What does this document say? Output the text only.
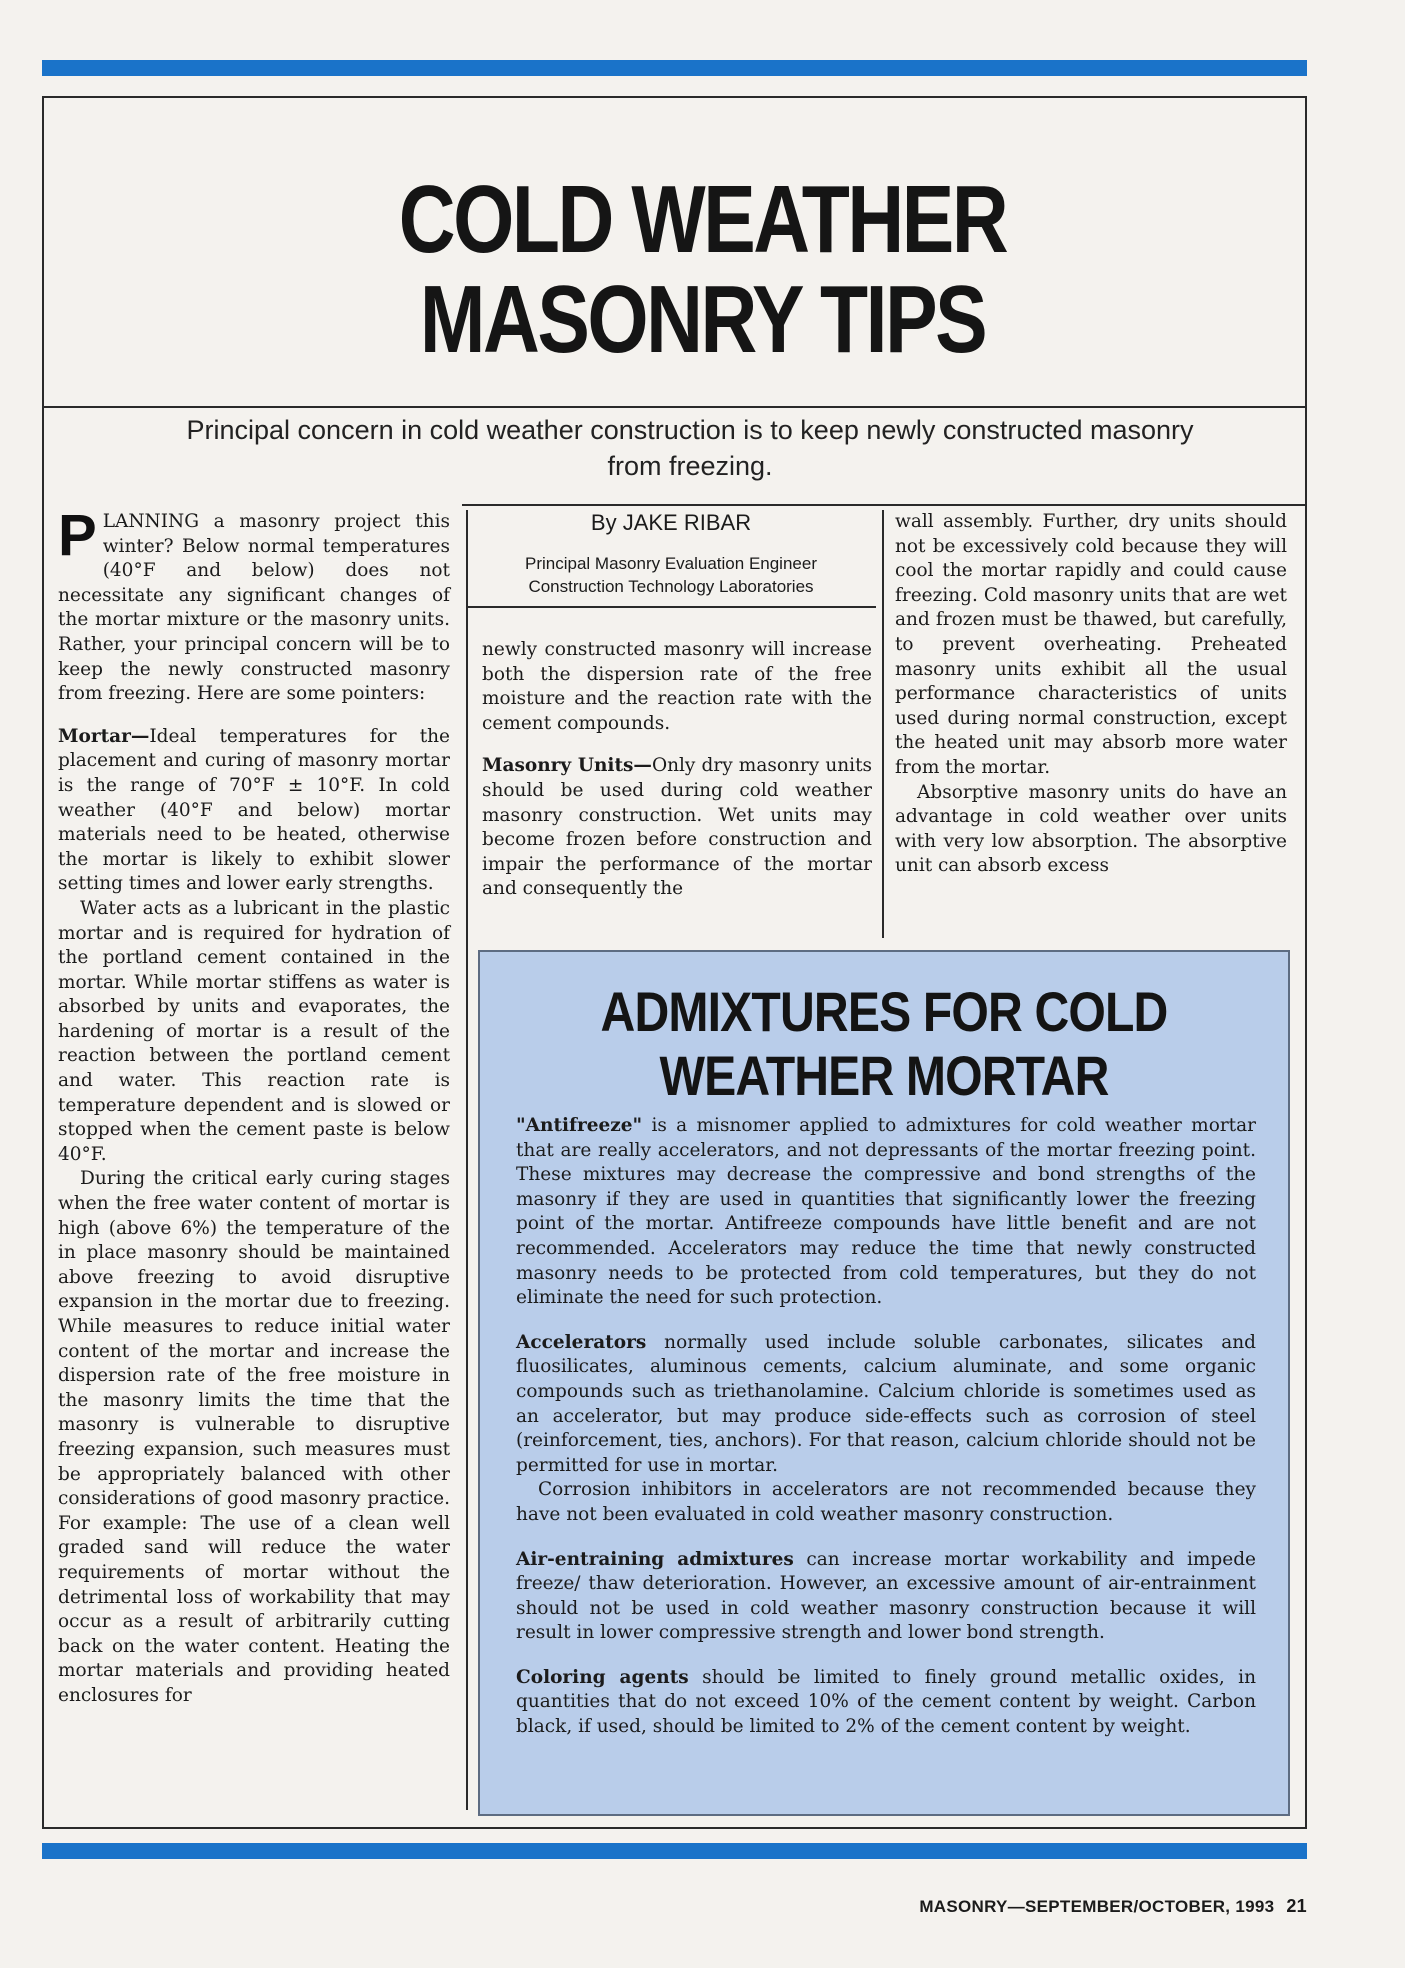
COLD WEATHER
MASONRY TIPS
Principal concern in cold weather construction is to keep newly constructed masonry from freezing.

PLANNING a masonry project this winter? Below normal temperatures (40°F and below) does not necessitate any significant changes of the mortar mixture or the masonry units. Rather, your principal concern will be to keep the newly constructed masonry from freezing. Here are some pointers:

Mortar—Ideal temperatures for the placement and curing of masonry mortar is the range of 70°F ± 10°F. In cold weather (40°F and below) mortar materials need to be heated, otherwise the mortar is likely to exhibit slower setting times and lower early strengths.

Water acts as a lubricant in the plastic mortar and is required for hydration of the portland cement contained in the mortar. While mortar stiffens as water is absorbed by units and evaporates, the hardening of mortar is a result of the reaction between the portland cement and water. This reaction rate is temperature dependent and is slowed or stopped when the cement paste is below 40°F.

During the critical early curing stages when the free water content of mortar is high (above 6%) the temperature of the in place masonry should be maintained above freezing to avoid disruptive expansion in the mortar due to freezing. While measures to reduce initial water content of the mortar and increase the dispersion rate of the free moisture in the masonry limits the time that the masonry is vulnerable to disruptive freezing expansion, such measures must be appropriately balanced with other considerations of good masonry practice. For example: The use of a clean well graded sand will reduce the water requirements of mortar without the detrimental loss of workability that may occur as a result of arbitrarily cutting back on the water content. Heating the mortar materials and providing heated enclosures for

By JAKE RIBAR
Principal Masonry Evaluation Engineer
Construction Technology Laboratories

newly constructed masonry will increase both the dispersion rate of the free moisture and the reaction rate with the cement compounds.

Masonry Units—Only dry masonry units should be used during cold weather masonry construction. Wet units may become frozen before construction and impair the performance of the mortar and consequently the

wall assembly. Further, dry units should not be excessively cold because they will cool the mortar rapidly and could cause freezing. Cold masonry units that are wet and frozen must be thawed, but carefully, to prevent overheating. Preheated masonry units exhibit all the usual performance characteristics of units used during normal construction, except the heated unit may absorb more water from the mortar.

Absorptive masonry units do have an advantage in cold weather over units with very low absorption. The absorptive unit can absorb excess

ADMIXTURES FOR COLD
WEATHER MORTAR

"Antifreeze" is a misnomer applied to admixtures for cold weather mortar that are really accelerators, and not depressants of the mortar freezing point. These mixtures may decrease the compressive and bond strengths of the masonry if they are used in quantities that significantly lower the freezing point of the mortar. Antifreeze compounds have little benefit and are not recommended. Accelerators may reduce the time that newly constructed masonry needs to be protected from cold temperatures, but they do not eliminate the need for such protection.

Accelerators normally used include soluble carbonates, silicates and fluosilicates, aluminous cements, calcium aluminate, and some organic compounds such as triethanolamine. Calcium chloride is sometimes used as an accelerator, but may produce side-effects such as corrosion of steel (reinforcement, ties, anchors). For that reason, calcium chloride should not be permitted for use in mortar.

Corrosion inhibitors in accelerators are not recommended because they have not been evaluated in cold weather masonry construction.

Air-entraining admixtures can increase mortar workability and impede freeze/ thaw deterioration. However, an excessive amount of air-entrainment should not be used in cold weather masonry construction because it will result in lower compressive strength and lower bond strength.

Coloring agents should be limited to finely ground metallic oxides, in quantities that do not exceed 10% of the cement content by weight. Carbon black, if used, should be limited to 2% of the cement content by weight.

MASONRY—SEPTEMBER/OCTOBER, 1993 21
